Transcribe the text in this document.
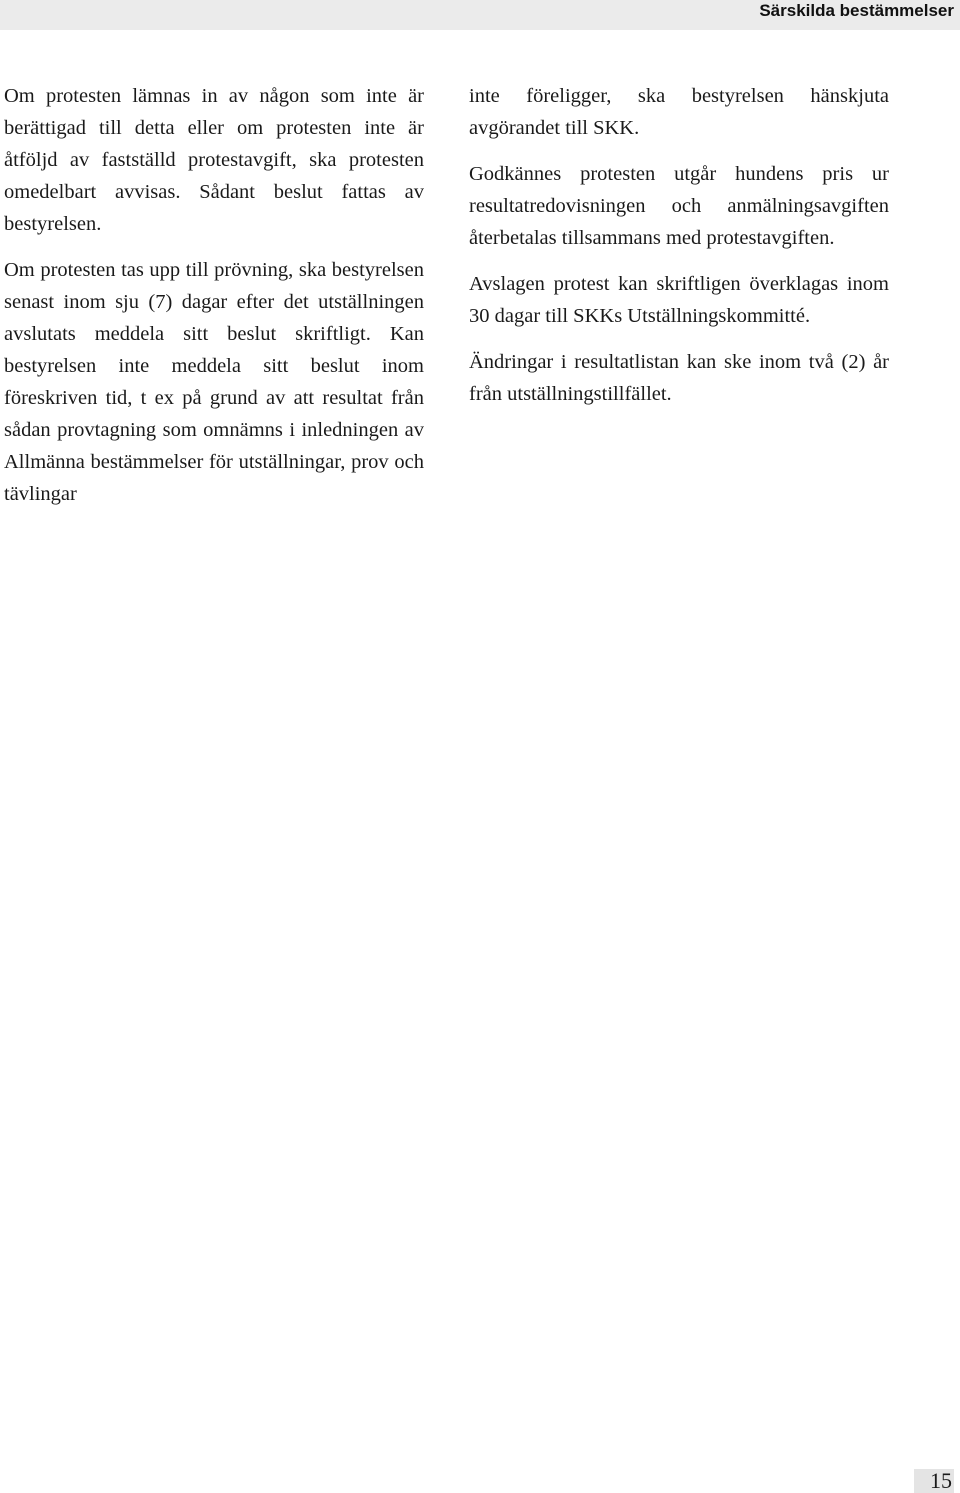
Särskilda bestämmelser

Om protesten lämnas in av någon som inte är berättigad till detta eller om protesten inte är åtföljd av fastställd protestavgift, ska protesten omedelbart avvisas. Sådant beslut fattas av bestyrelsen.

Om protesten tas upp till prövning, ska bestyrelsen senast inom sju (7) dagar efter det utställningen avslutats meddela sitt beslut skriftligt. Kan bestyrelsen inte meddela sitt beslut inom föreskriven tid, t ex på grund av att resultat från sådan provtagning som omnämns i inledningen av Allmänna bestämmelser för utställningar, prov och tävlingar

inte föreligger, ska bestyrelsen hänskjuta avgörandet till SKK.

Godkännes protesten utgår hundens pris ur resultatredovisningen och anmälningsavgiften återbetalas tillsammans med protestavgiften.

Avslagen protest kan skriftligen överklagas inom 30 dagar till SKKs Utställningskommitté.

Ändringar i resultatlistan kan ske inom två (2) år från utställningstillfället.

15
